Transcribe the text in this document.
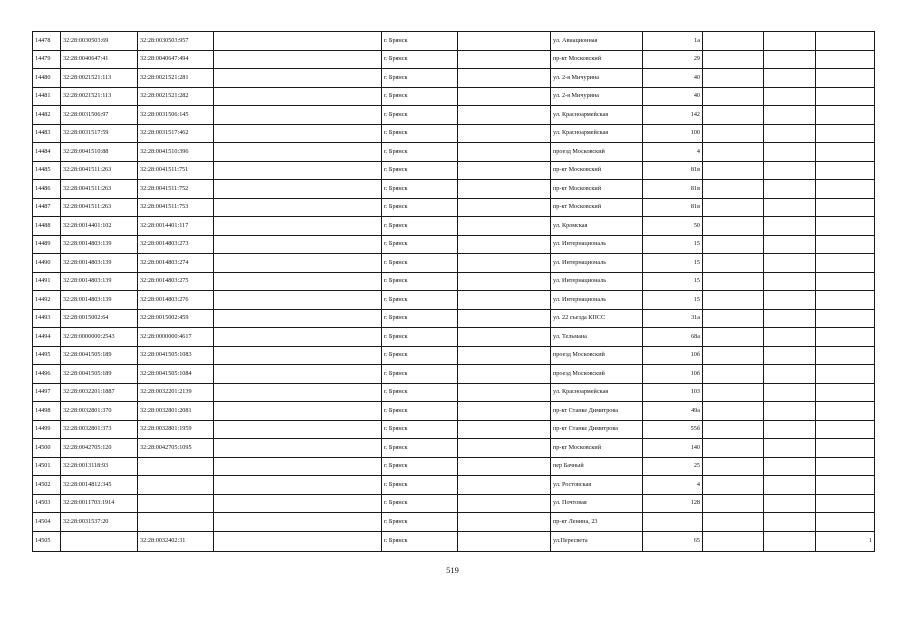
14478	32:28:0030503:69	32:28:0030503:957		г. Брянск		ул. Авиационная	1а			
14479	32:28:0040647:41	32:28:0040647:494		г. Брянск		пр-кт Московский	29			
14480	32:28:0021521:113	32:28:0021521:281		г. Брянск		ул. 2-я Мичурина	40			
14481	32:28:0021521:113	32:28:0021521:282		г. Брянск		ул. 2-я Мичурина	40			
14482	32:28:0031506:97	32:28:0031506:145		г. Брянск		ул. Красноармейская	142			
14483	32:28:0031517:59	32:28:0031517:462		г. Брянск		ул. Красноармейская	100			
14484	32:28:0041510:88	32:28:0041510:396		г. Брянск		проезд Московский	4			
14485	32:28:0041511:263	32:28:0041511:751		г. Брянск		пр-кт Московский	81в			
14486	32:28:0041511:263	32:28:0041511:752		г. Брянск		пр-кт Московский	81в			
14487	32:28:0041511:263	32:28:0041511:753		г. Брянск		пр-кт Московский	81в			
14488	32:28:0014401:102	32:28:0014401:117		г. Брянск		ул. Кромская	50			
14489	32:28:0014803:139	32:28:0014803:273		г. Брянск		ул. Интернациональ	15			
14490	32:28:0014803:139	32:28:0014803:274		г. Брянск		ул. Интернациональ	15			
14491	32:28:0014803:139	32:28:0014803:275		г. Брянск		ул. Интернациональ	15			
14492	32:28:0014803:139	32:28:0014803:276		г. Брянск		ул. Интернациональ	15			
14493	32:28:0015002:64	32:28:0015002:459		г. Брянск		ул. 22 съезда КПСС	31а			
14494	32:28:0000000:2543	32:28:0000000:4617		г. Брянск		ул. Тельмана	68а			
14495	32:28:0041505:189	32:28:0041505:1083		г. Брянск		проезд Московский	10б			
14496	32:28:0041505:189	32:28:0041505:1084		г. Брянск		проезд Московский	10б			
14497	32:28:0032201:1887	32:28:0032201:2139		г. Брянск		ул. Красноармейская	103			
14498	32:28:0032801:370	32:28:0032801:2081		г. Брянск		пр-кт Станке Димитрова	49а			
14499	32:28:0032801:373	32:28:0032801:1959		г. Брянск		пр-кт Станке Димитрова	55б			
14500	32:28:0042705:120	32:28:0042705:1095		г. Брянск		пр-кт Московский	140			
14501	32:28:0013118:93			г. Брянск		пер Бачный	25			
14502	32:28:0014812:345			г. Брянск		ул. Ростовская	4			
14503	32:28:0011703:1914			г. Брянск		ул. Почтовая	128			
14504	32:28:0031537:20			г. Брянск		пр-кт Ленина, 23				
14505		32:28:0032402:31		г. Брянск		ул.Пересвета	65			1
519
